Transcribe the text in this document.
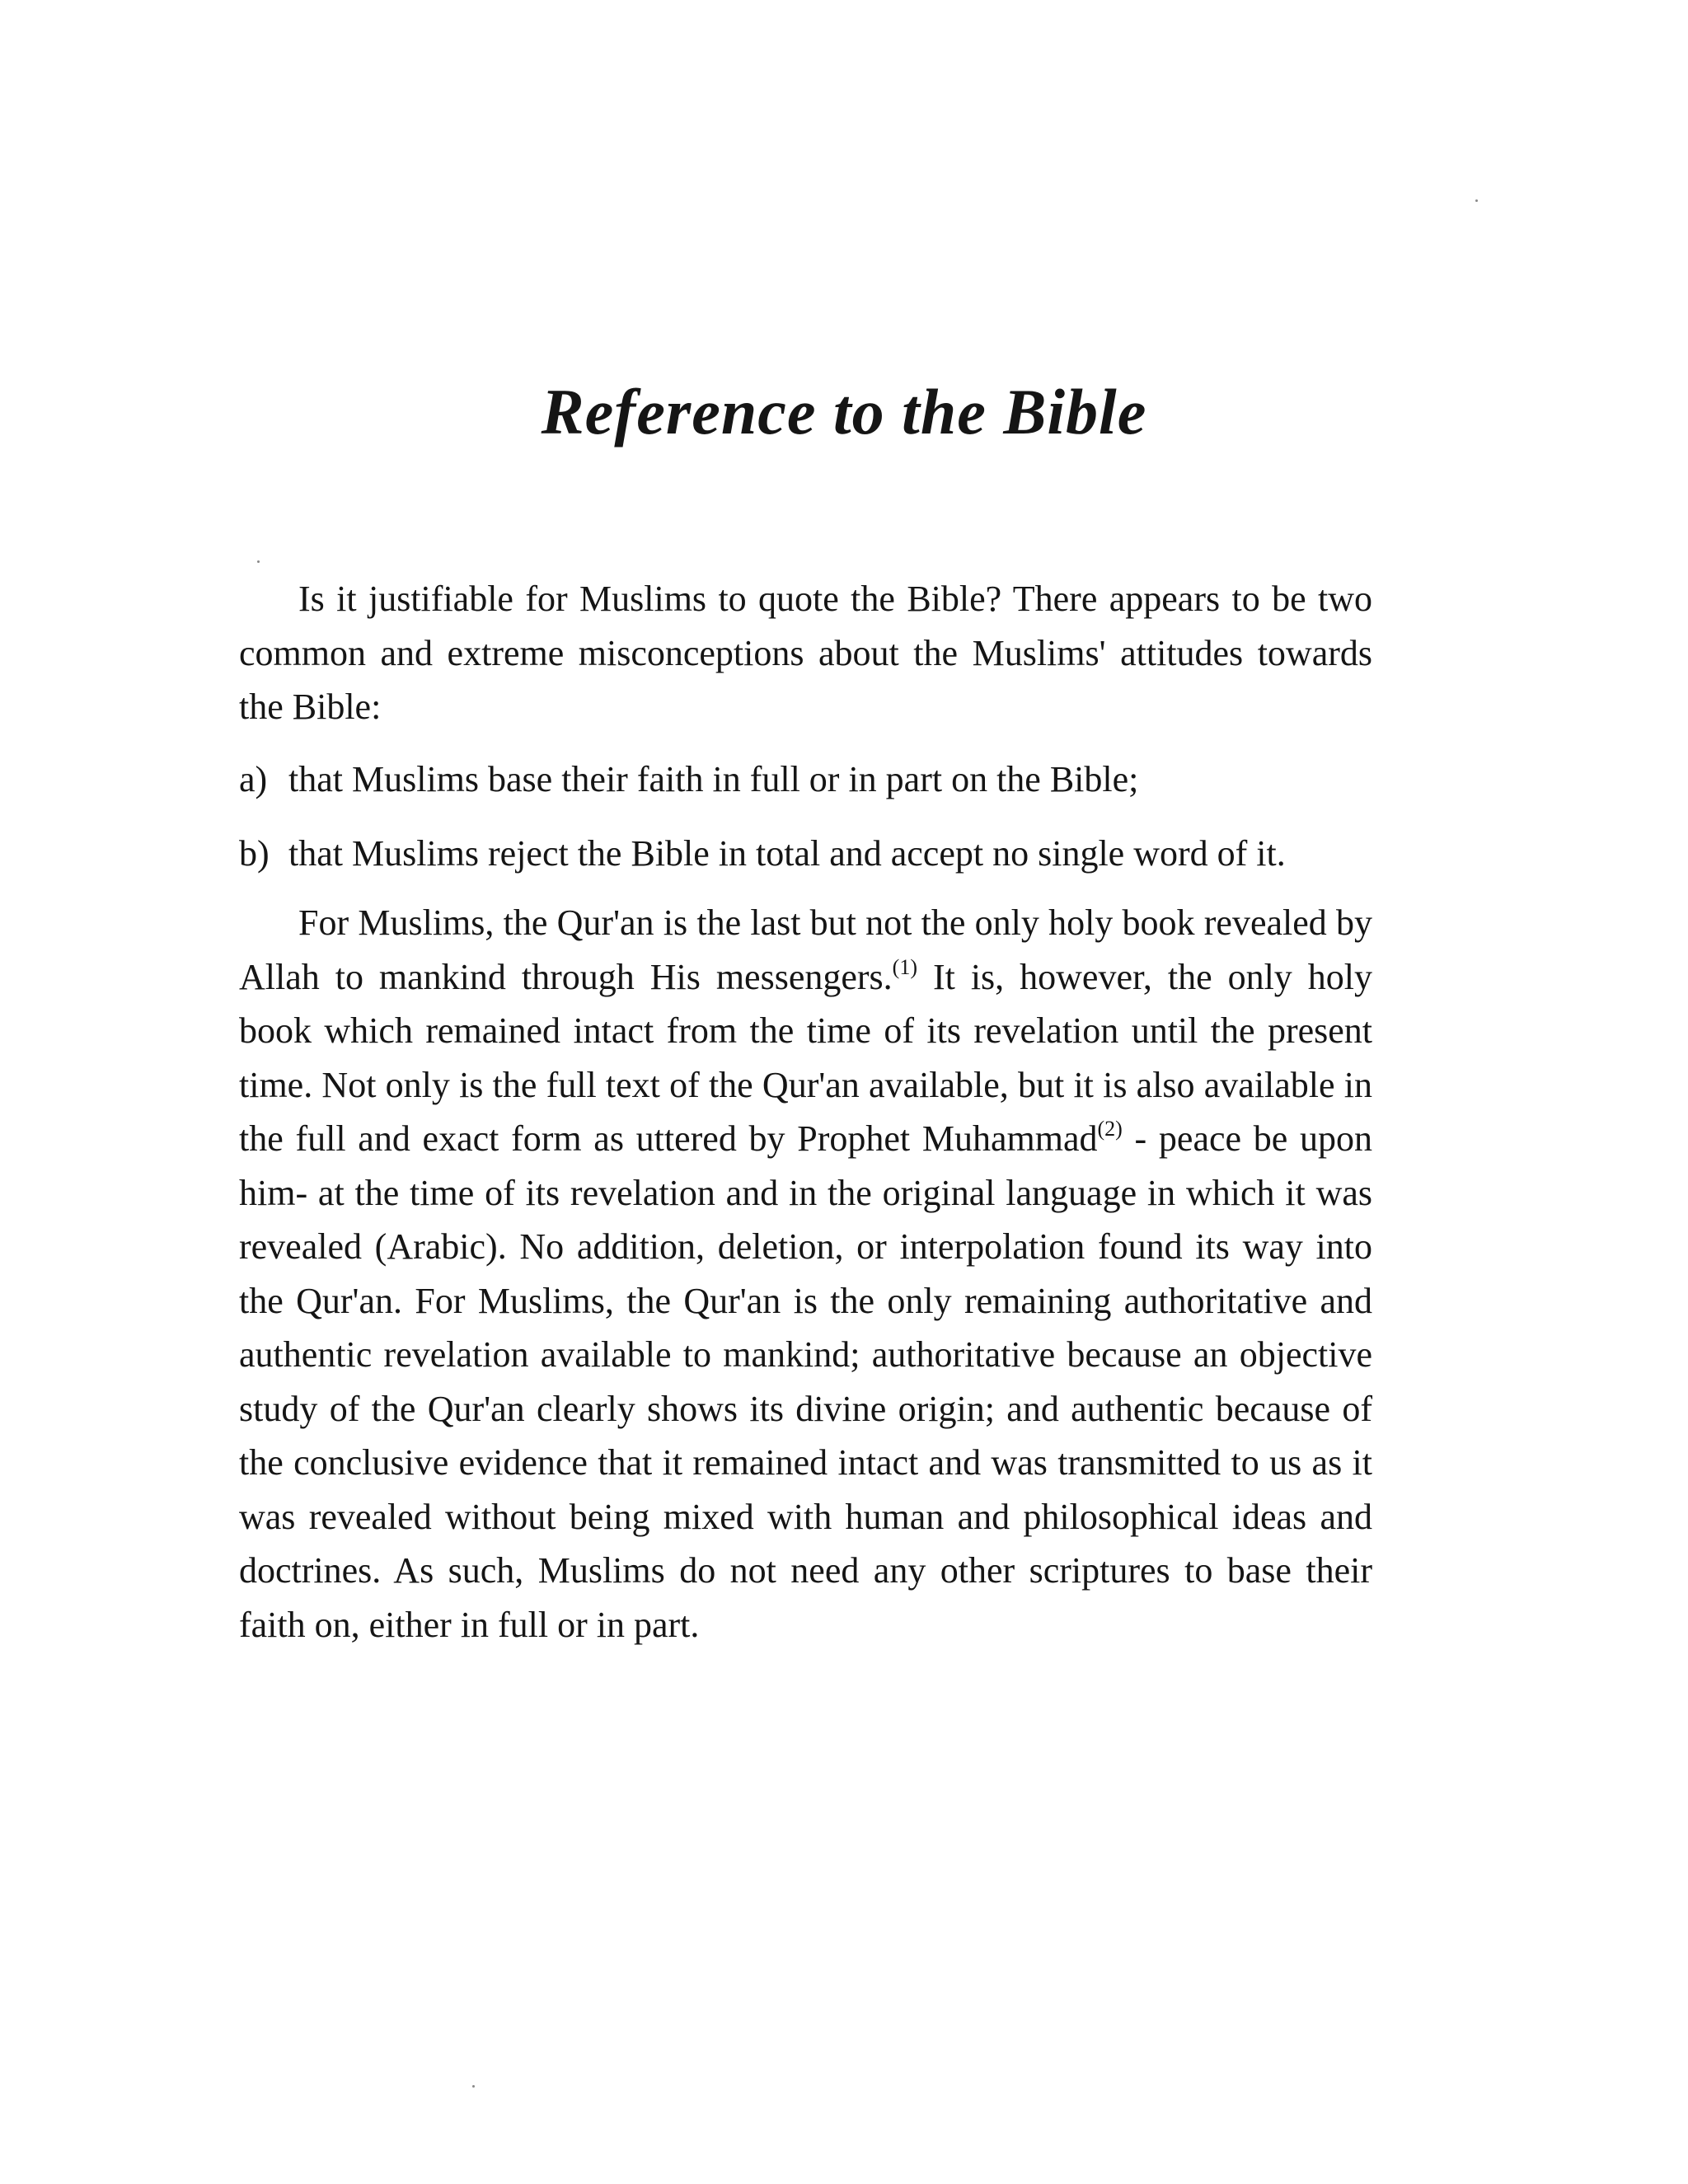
Reference to the Bible

Is it justifiable for Muslims to quote the Bible? There appears to be two common and extreme misconceptions about the Muslims' attitudes towards the Bible:

a) that Muslims base their faith in full or in part on the Bible;

b) that Muslims reject the Bible in total and accept no single word of it.

For Muslims, the Qur'an is the last but not the only holy book revealed by Allah to mankind through His messengers.$^{(1)}$ It is, however, the only holy book which remained intact from the time of its revelation until the present time. Not only is the full text of the Qur'an available, but it is also available in the full and exact form as uttered by Prophet Muhammad$^{(2)}$ - peace be upon him- at the time of its revelation and in the original language in which it was revealed (Arabic). No addition, deletion, or interpolation found its way into the Qur'an. For Muslims, the Qur'an is the only remaining authoritative and authentic revelation available to mankind; authoritative because an objective study of the Qur'an clearly shows its divine origin; and authentic because of the conclusive evidence that it remained intact and was transmitted to us as it was revealed without being mixed with human and philosophical ideas and doctrines. As such, Muslims do not need any other scriptures to base their faith on, either in full or in part.
